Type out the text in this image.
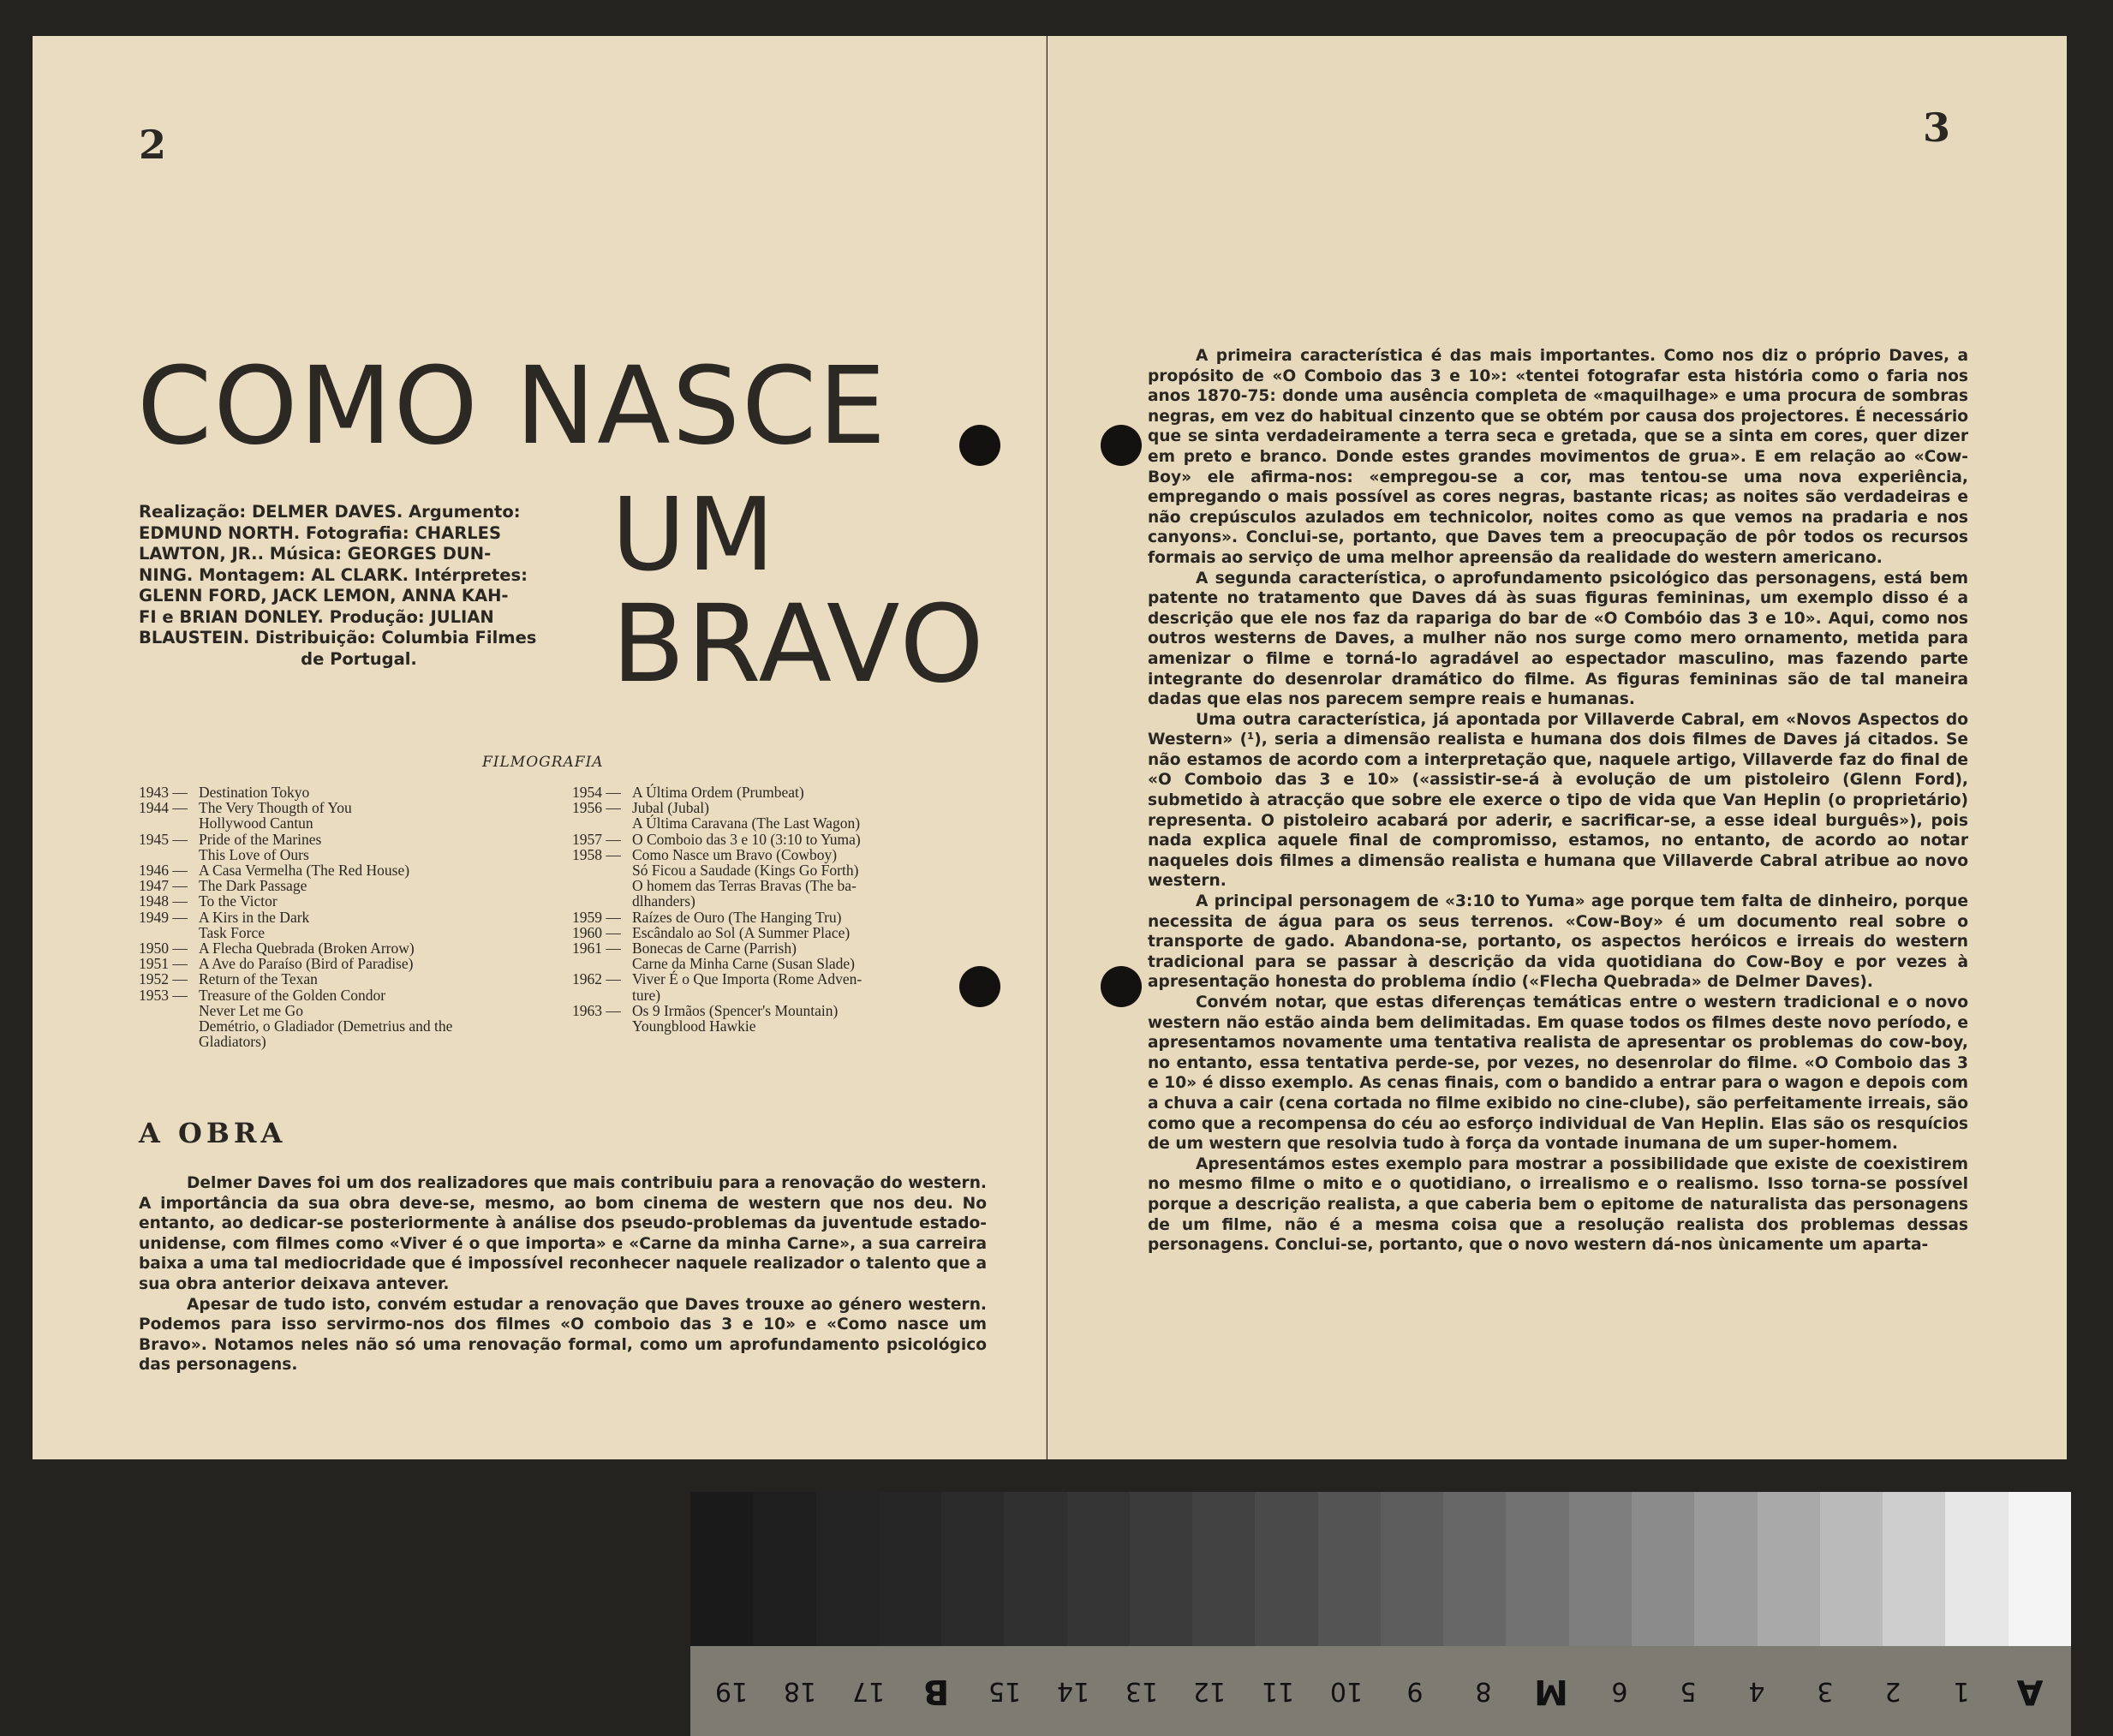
2
COMO NASCE
UM
BRAVO
Realização: DELMER DAVES. Argumento:
EDMUND NORTH. Fotografia: CHARLES
LAWTON, JR.. Música: GEORGES DUN-
NING. Montagem: AL CLARK. Intérpretes:
GLENN FORD, JACK LEMON, ANNA KAH-
FI e BRIAN DONLEY. Produção: JULIAN
BLAUSTEIN. Distribuição: Columbia Filmes
de Portugal.
FILMOGRAFIA
1943 — Destination Tokyo
1944 — The Very Thougth of You
Hollywood Cantun
1945 — Pride of the Marines
This Love of Ours
1946 — A Casa Vermelha (The Red House)
1947 — The Dark Passage
1948 — To the Victor
1949 — A Kirs in the Dark
Task Force
1950 — A Flecha Quebrada (Broken Arrow)
1951 — A Ave do Paraíso (Bird of Paradise)
1952 — Return of the Texan
1953 — Treasure of the Golden Condor
Never Let me Go
Demétrio, o Gladiador (Demetrius and the
Gladiators)
1954 — A Última Ordem (Prumbeat)
1956 — Jubal (Jubal)
A Última Caravana (The Last Wagon)
1957 — O Comboio das 3 e 10 (3:10 to Yuma)
1958 — Como Nasce um Bravo (Cowboy)
Só Ficou a Saudade (Kings Go Forth)
O homem das Terras Bravas (The ba-
dlhanders)
1959 — Raízes de Ouro (The Hanging Tru)
1960 — Escândalo ao Sol (A Summer Place)
1961 — Bonecas de Carne (Parrish)
Carne da Minha Carne (Susan Slade)
1962 — Viver É o Que Importa (Rome Adven-
ture)
1963 — Os 9 Irmãos (Spencer's Mountain)
Youngblood Hawkie
A OBRA

Delmer Daves foi um dos realizadores que mais contribuiu para a renovação do western. A importância da sua obra deve-se, mesmo, ao bom cinema de western que nos deu. No entanto, ao dedicar-se posteriormente à análise dos pseudo-problemas da juventude estado-unidense, com filmes como «Viver é o que importa» e «Carne da minha Carne», a sua carreira baixa a uma tal mediocridade que é impossível reconhecer naquele realizador o talento que a sua obra anterior deixava antever.

Apesar de tudo isto, convém estudar a renovação que Daves trouxe ao género western. Podemos para isso servirmo-nos dos filmes «O comboio das 3 e 10» e «Como nasce um Bravo». Notamos neles não só uma renovação formal, como um aprofundamento psicológico das personagens.

3

A primeira característica é das mais importantes. Como nos diz o próprio Daves, a propósito de «O Comboio das 3 e 10»: «tentei fotografar esta história como o faria nos anos 1870-75: donde uma ausência completa de «maquilhage» e uma procura de sombras negras, em vez do habitual cinzento que se obtém por causa dos projectores. É necessário que se sinta verdadeiramente a terra seca e gretada, que se a sinta em cores, quer dizer em preto e branco. Donde estes grandes movimentos de grua». E em relação ao «Cow-Boy» ele afirma-nos: «empregou-se a cor, mas tentou-se uma nova experiência, empregando o mais possível as cores negras, bastante ricas; as noites são verdadeiras e não crepúsculos azulados em technicolor, noites como as que vemos na pradaria e nos canyons». Conclui-se, portanto, que Daves tem a preocupação de pôr todos os recursos formais ao serviço de uma melhor apreensão da realidade do western americano.

A segunda característica, o aprofundamento psicológico das personagens, está bem patente no tratamento que Daves dá às suas figuras femininas, um exemplo disso é a descrição que ele nos faz da rapariga do bar de «O Combóio das 3 e 10». Aqui, como nos outros westerns de Daves, a mulher não nos surge como mero ornamento, metida para amenizar o filme e torná-lo agradável ao espectador masculino, mas fazendo parte integrante do desenrolar dramático do filme. As figuras femininas são de tal maneira dadas que elas nos parecem sempre reais e humanas.

Uma outra característica, já apontada por Villaverde Cabral, em «Novos Aspectos do Western» (¹), seria a dimensão realista e humana dos dois filmes de Daves já citados. Se não estamos de acordo com a interpretação que, naquele artigo, Villaverde faz do final de «O Comboio das 3 e 10» («assistir-se-á à evolução de um pistoleiro (Glenn Ford), submetido à atracção que sobre ele exerce o tipo de vida que Van Heplin (o proprietário) representa. O pistoleiro acabará por aderir, e sacrificar-se, a esse ideal burguês»), pois nada explica aquele final de compromisso, estamos, no entanto, de acordo ao notar naqueles dois filmes a dimensão realista e humana que Villaverde Cabral atribue ao novo western.

A principal personagem de «3:10 to Yuma» age porque tem falta de dinheiro, porque necessita de água para os seus terrenos. «Cow-Boy» é um documento real sobre o transporte de gado. Abandona-se, portanto, os aspectos heróicos e irreais do western tradicional para se passar à descrição da vida quotidiana do Cow-Boy e por vezes à apresentação honesta do problema índio («Flecha Quebrada» de Delmer Daves).

Convém notar, que estas diferenças temáticas entre o western tradicional e o novo western não estão ainda bem delimitadas. Em quase todos os filmes deste novo período, e apresentamos novamente uma tentativa realista de apresentar os problemas do cow-boy, no entanto, essa tentativa perde-se, por vezes, no desenrolar do filme. «O Comboio das 3 e 10» é disso exemplo. As cenas finais, com o bandido a entrar para o wagon e depois com a chuva a cair (cena cortada no filme exibido no cine-clube), são perfeitamente irreais, são como que a recompensa do céu ao esforço individual de Van Heplin. Elas são os resquícios de um western que resolvia tudo à força da vontade inumana de um super-homem.

Apresentámos estes exemplo para mostrar a possibilidade que existe de coexistirem no mesmo filme o mito e o quotidiano, o irrealismo e o realismo. Isso torna-se possível porque a descrição realista, a que caberia bem o epitome de naturalista das personagens de um filme, não é a mesma coisa que a resolução realista dos problemas dessas personagens. Conclui-se, portanto, que o novo western dá-nos ùnicamente um aparta-

A
1
2
3
4
5
6
M
8
9
10
11
12
13
14
15
B
17
18
19
